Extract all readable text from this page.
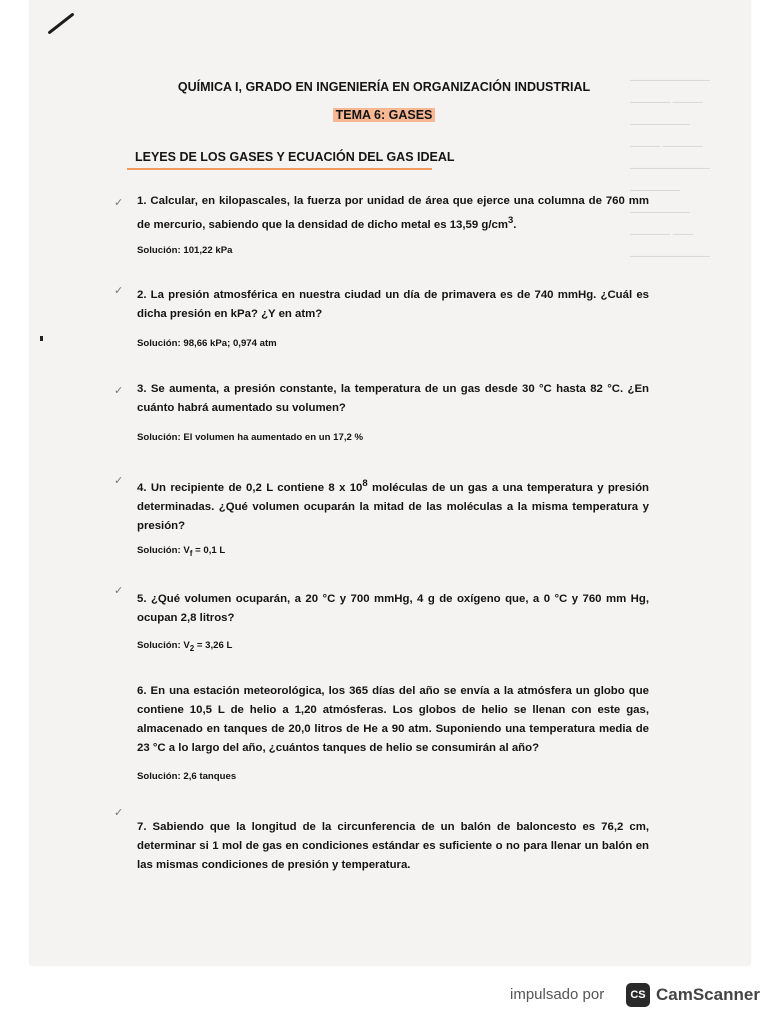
————————
———— ———
——————
——— ————
————————
—————
——————
———— ——
————————
QUÍMICA I, GRADO EN INGENIERÍA EN ORGANIZACIÓN INDUSTRIAL
TEMA 6: GASES
LEYES DE LOS GASES Y ECUACIÓN DEL GAS IDEAL
✓	1. Calcular, en kilopascales, la fuerza por unidad de área que ejerce una columna de 760 mm de mercurio, sabiendo que la densidad de dicho metal es 13,59 $g/cm^3$.
Solución: 101,22 kPa
✓	2. La presión atmosférica en nuestra ciudad un día de primavera es de 740 mmHg. ¿Cuál es dicha presión en kPa? ¿Y en atm?
Solución: 98,66 kPa; 0,974 atm
✓	3. Se aumenta, a presión constante, la temperatura de un gas desde 30 °C hasta 82 °C. ¿En cuánto habrá aumentado su volumen?
Solución: El volumen ha aumentado en un 17,2 %
✓
4. Un recipiente de 0,2 L contiene 8 x $10^8$ moléculas de un gas a una temperatura y presión determinadas. ¿Qué volumen ocuparán la mitad de las moléculas a la misma temperatura y presión?
Solución: $V_f = 0,1$ L
✓
5. ¿Qué volumen ocuparán, a 20 °C y 700 mmHg, 4 g de oxígeno que, a 0 °C y 760 mm Hg, ocupan 2,8 litros?
Solución: $V_2 = 3,26$ L
6. En una estación meteorológica, los 365 días del año se envía a la atmósfera un globo que contiene 10,5 L de helio a 1,20 atmósferas. Los globos de helio se llenan con este gas, almacenado en tanques de 20,0 litros de He a 90 atm. Suponiendo una temperatura media de 23 °C a lo largo del año, ¿cuántos tanques de helio se consumirán al año?
Solución: 2,6 tanques
✓
7. Sabiendo que la longitud de la circunferencia de un balón de baloncesto es 76,2 cm, determinar si 1 mol de gas en condiciones estándar es suficiente o no para llenar un balón en las mismas condiciones de presión y temperatura.
impulsado por	CS CamScanner
